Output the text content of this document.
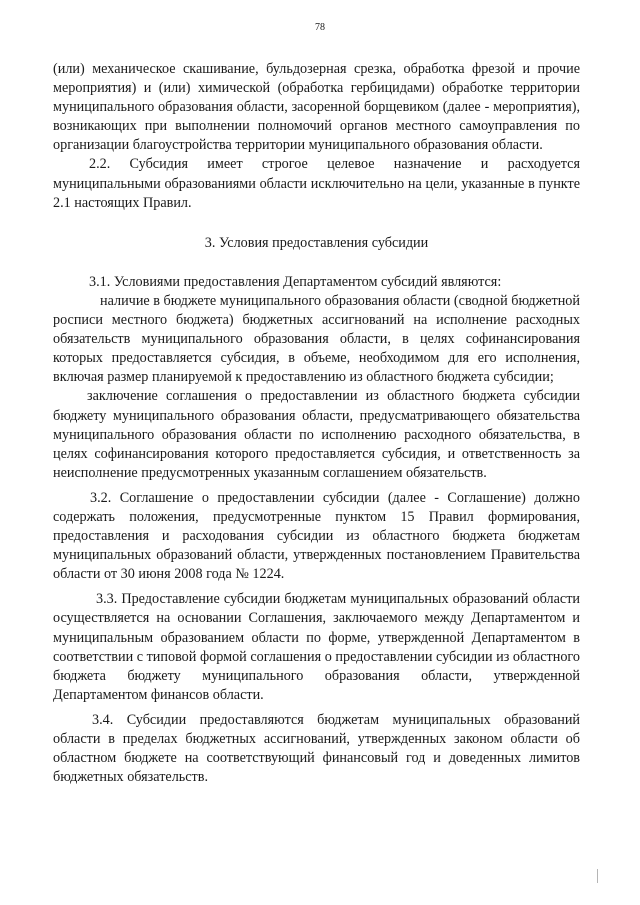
78

(или) механическое скашивание, бульдозерная срезка, обработка фрезой и прочие мероприятия) и (или) химической (обработка гербицидами) обработке территории муниципального образования области, засоренной борщевиком (далее - мероприятия), возникающих при выполнении полномочий органов местного самоуправления по организации благоустройства территории муниципального образования области.

2.2. Субсидия имеет строгое целевое назначение и расходуется муниципальными образованиями области исключительно на цели, указанные в пункте 2.1 настоящих Правил.

3. Условия предоставления субсидии

3.1. Условиями предоставления Департаментом субсидий являются:

наличие в бюджете муниципального образования области (сводной бюджетной росписи местного бюджета) бюджетных ассигнований на исполнение расходных обязательств муниципального образования области, в целях софинансирования которых предоставляется субсидия, в объеме, необходимом для его исполнения, включая размер планируемой к предоставлению из областного бюджета субсидии;

заключение соглашения о предоставлении из областного бюджета субсидии бюджету муниципального образования области, предусматривающего обязательства муниципального образования области по исполнению расходного обязательства, в целях софинансирования которого предоставляется субсидия, и ответственность за неисполнение предусмотренных указанным соглашением обязательств.

3.2. Соглашение о предоставлении субсидии (далее - Соглашение) должно содержать положения, предусмотренные пунктом 15 Правил формирования, предоставления и расходования субсидии из областного бюджета бюджетам муниципальных образований области, утвержденных постановлением Правительства области от 30 июня 2008 года № 1224.

3.3. Предоставление субсидии бюджетам муниципальных образований области осуществляется на основании Соглашения, заключаемого между Департаментом и муниципальным образованием области по форме, утвержденной Департаментом в соответствии с типовой формой соглашения о предоставлении субсидии из областного бюджета бюджету муниципального образования области, утвержденной Департаментом финансов области.

3.4. Субсидии предоставляются бюджетам муниципальных образований области в пределах бюджетных ассигнований, утвержденных законом области об областном бюджете на соответствующий финансовый год и доведенных лимитов бюджетных обязательств.
